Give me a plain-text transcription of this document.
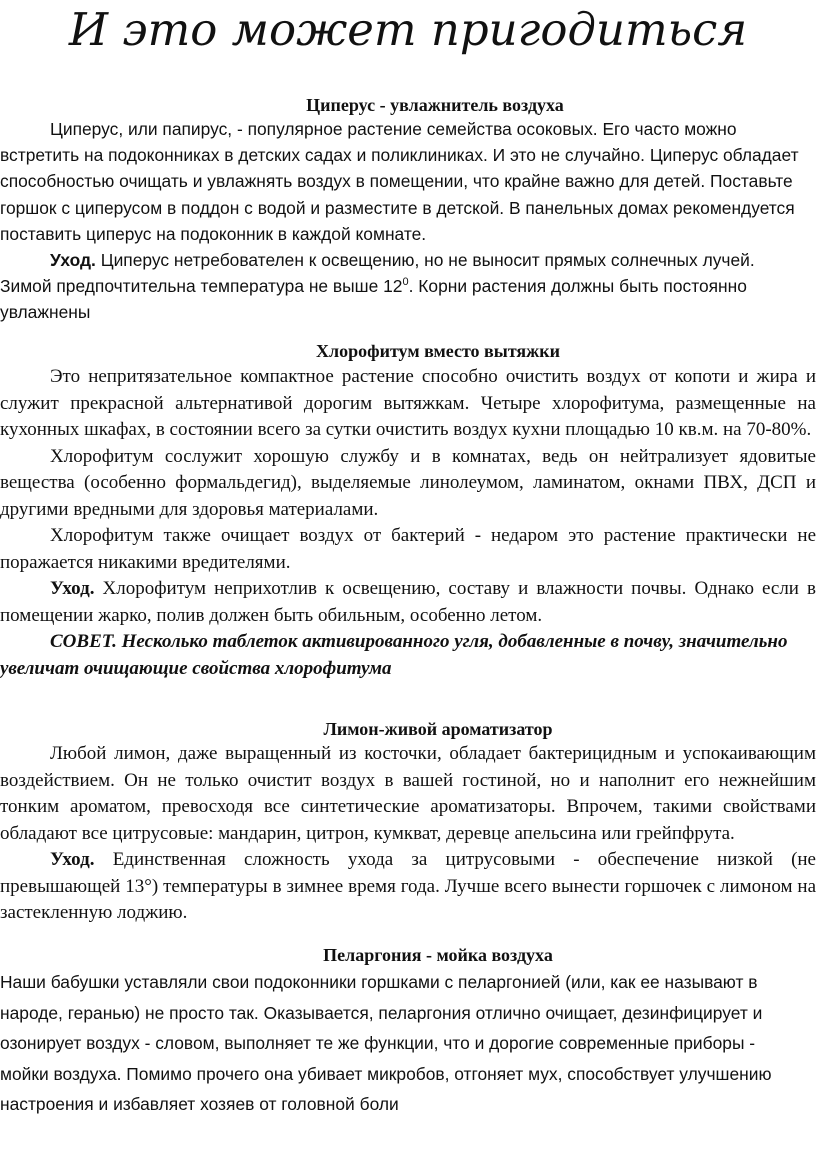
И это может пригодиться
Циперус - увлажнитель воздуха

Циперус, или папирус, - популярное растение семейства осоковых. Его часто можно встретить на подоконниках в детских садах и поликлиниках. И это не случайно. Циперус обладает способностью очищать и увлажнять воздух в помещении, что крайне важно для детей. Поставьте горшок с циперусом в поддон с водой и разместите в детской. В панельных домах рекомендуется поставить циперус на подоконник в каждой комнате.

Уход. Циперус нетребователен к освещению, но не выносит прямых солнечных лучей. Зимой предпочтительна температура не выше $12^0$. Корни растения должны быть постоянно увлажнены

Хлорофитум вместо вытяжки

Это непритязательное компактное растение способно очистить воздух от копоти и жира и служит прекрасной альтернативой дорогим вытяжкам. Четыре хлорофитума, размещенные на кухонных шкафах, в состоянии всего за сутки очистить воздух кухни площадью 10 кв.м. на 70-80%.

Хлорофитум сослужит хорошую службу и в комнатах, ведь он нейтрализует ядовитые вещества (особенно формальдегид), выделяемые линолеумом, ламинатом, окнами ПВХ, ДСП и другими вредными для здоровья материалами.

Хлорофитум также очищает воздух от бактерий - недаром это растение практически не поражается никакими вредителями.

Уход. Хлорофитум неприхотлив к освещению, составу и влажности почвы. Однако если в помещении жарко, полив должен быть обильным, особенно летом.

СОВЕТ. Несколько таблеток активированного угля, добавленные в почву, значительно увеличат очищающие свойства хлорофитума

Лимон-живой ароматизатор

Любой лимон, даже выращенный из косточки, обладает бактерицидным и успокаивающим воздействием. Он не только очистит воздух в вашей гостиной, но и наполнит его нежнейшим тонким ароматом, превосходя все синтетические ароматизаторы. Впрочем, такими свойствами обладают все цитрусовые: мандарин, цитрон, кумкват, деревце апельсина или грейпфрута.

Уход. Единственная сложность ухода за цитрусовыми - обеспечение низкой (не превышающей 13°) температуры в зимнее время года. Лучше всего вынести горшочек с лимоном на застекленную лоджию.

Пеларгония - мойка воздуха

Наши бабушки уставляли свои подоконники горшками с пеларгонией (или, как ее называют в народе, геранью) не просто так. Оказывается, пеларгония отлично очищает, дезинфицирует и озонирует воздух - словом, выполняет те же функции, что и дорогие современные приборы - мойки воздуха. Помимо прочего она убивает микробов, отгоняет мух, способствует улучшению настроения и избавляет хозяев от головной боли
